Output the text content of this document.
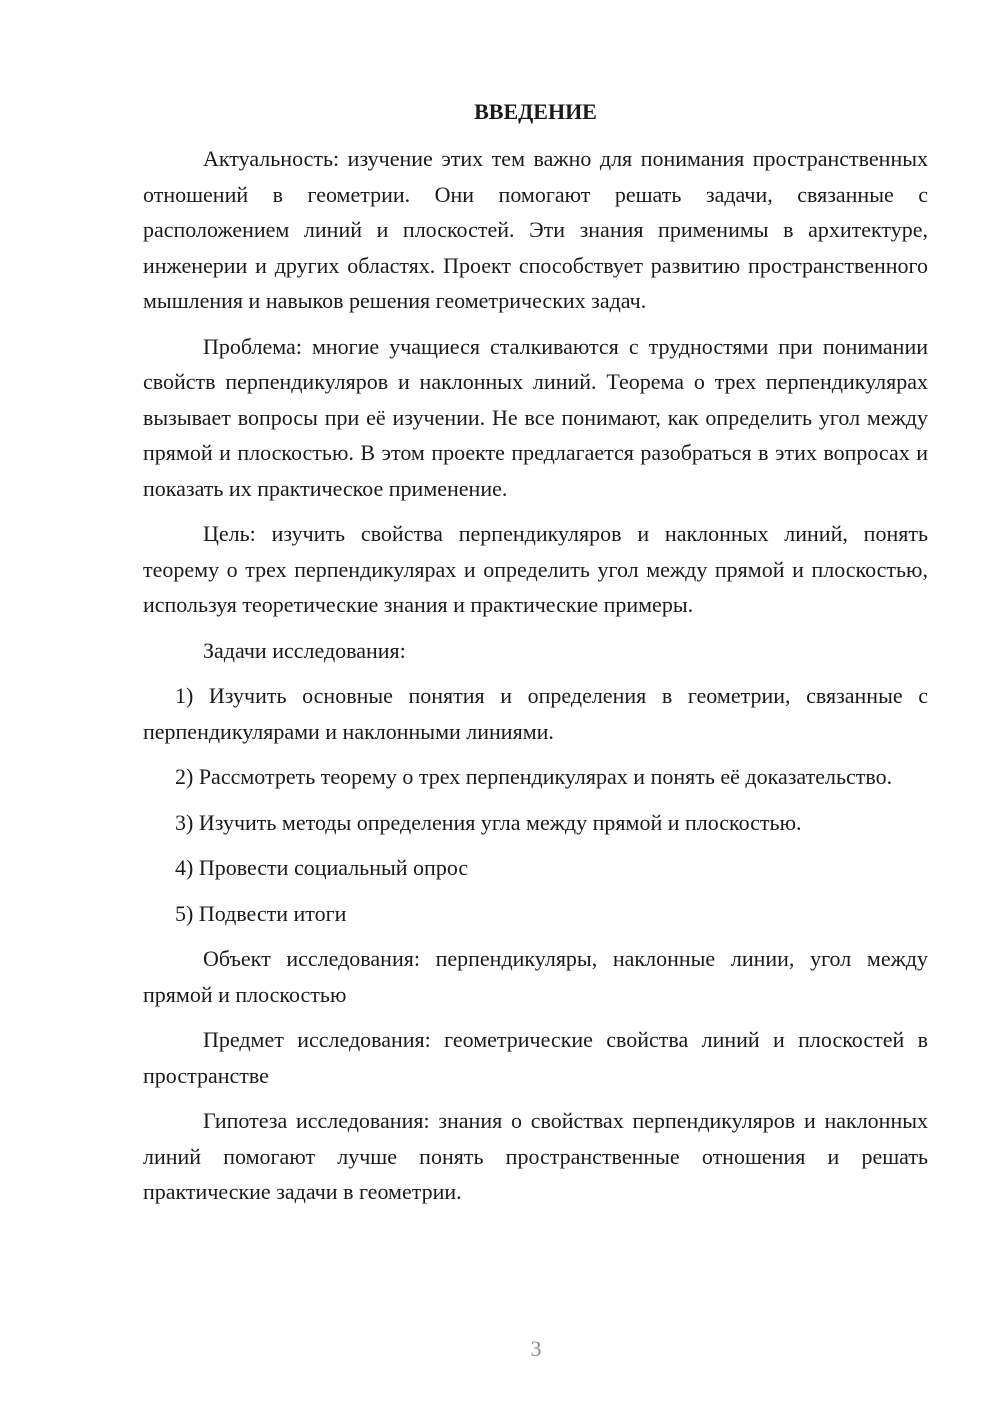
ВВЕДЕНИЕ

Актуальность: изучение этих тем важно для понимания пространственных отношений в геометрии. Они помогают решать задачи, связанные с расположением линий и плоскостей. Эти знания применимы в архитектуре, инженерии и других областях. Проект способствует развитию пространственного мышления и навыков решения геометрических задач.

Проблема: многие учащиеся сталкиваются с трудностями при понимании свойств перпендикуляров и наклонных линий. Теорема о трех перпендикулярах вызывает вопросы при её изучении. Не все понимают, как определить угол между прямой и плоскостью. В этом проекте предлагается разобраться в этих вопросах и показать их практическое применение.

Цель: изучить свойства перпендикуляров и наклонных линий, понять теорему о трех перпендикулярах и определить угол между прямой и плоскостью, используя теоретические знания и практические примеры.

Задачи исследования:

1) Изучить основные понятия и определения в геометрии, связанные с перпендикулярами и наклонными линиями.

2) Рассмотреть теорему о трех перпендикулярах и понять её доказательство.

3) Изучить методы определения угла между прямой и плоскостью.

4) Провести социальный опрос

5) Подвести итоги

Объект исследования: перпендикуляры, наклонные линии, угол между прямой и плоскостью

Предмет исследования: геометрические свойства линий и плоскостей в пространстве

Гипотеза исследования: знания о свойствах перпендикуляров и наклонных линий помогают лучше понять пространственные отношения и решать практические задачи в геометрии.

3
